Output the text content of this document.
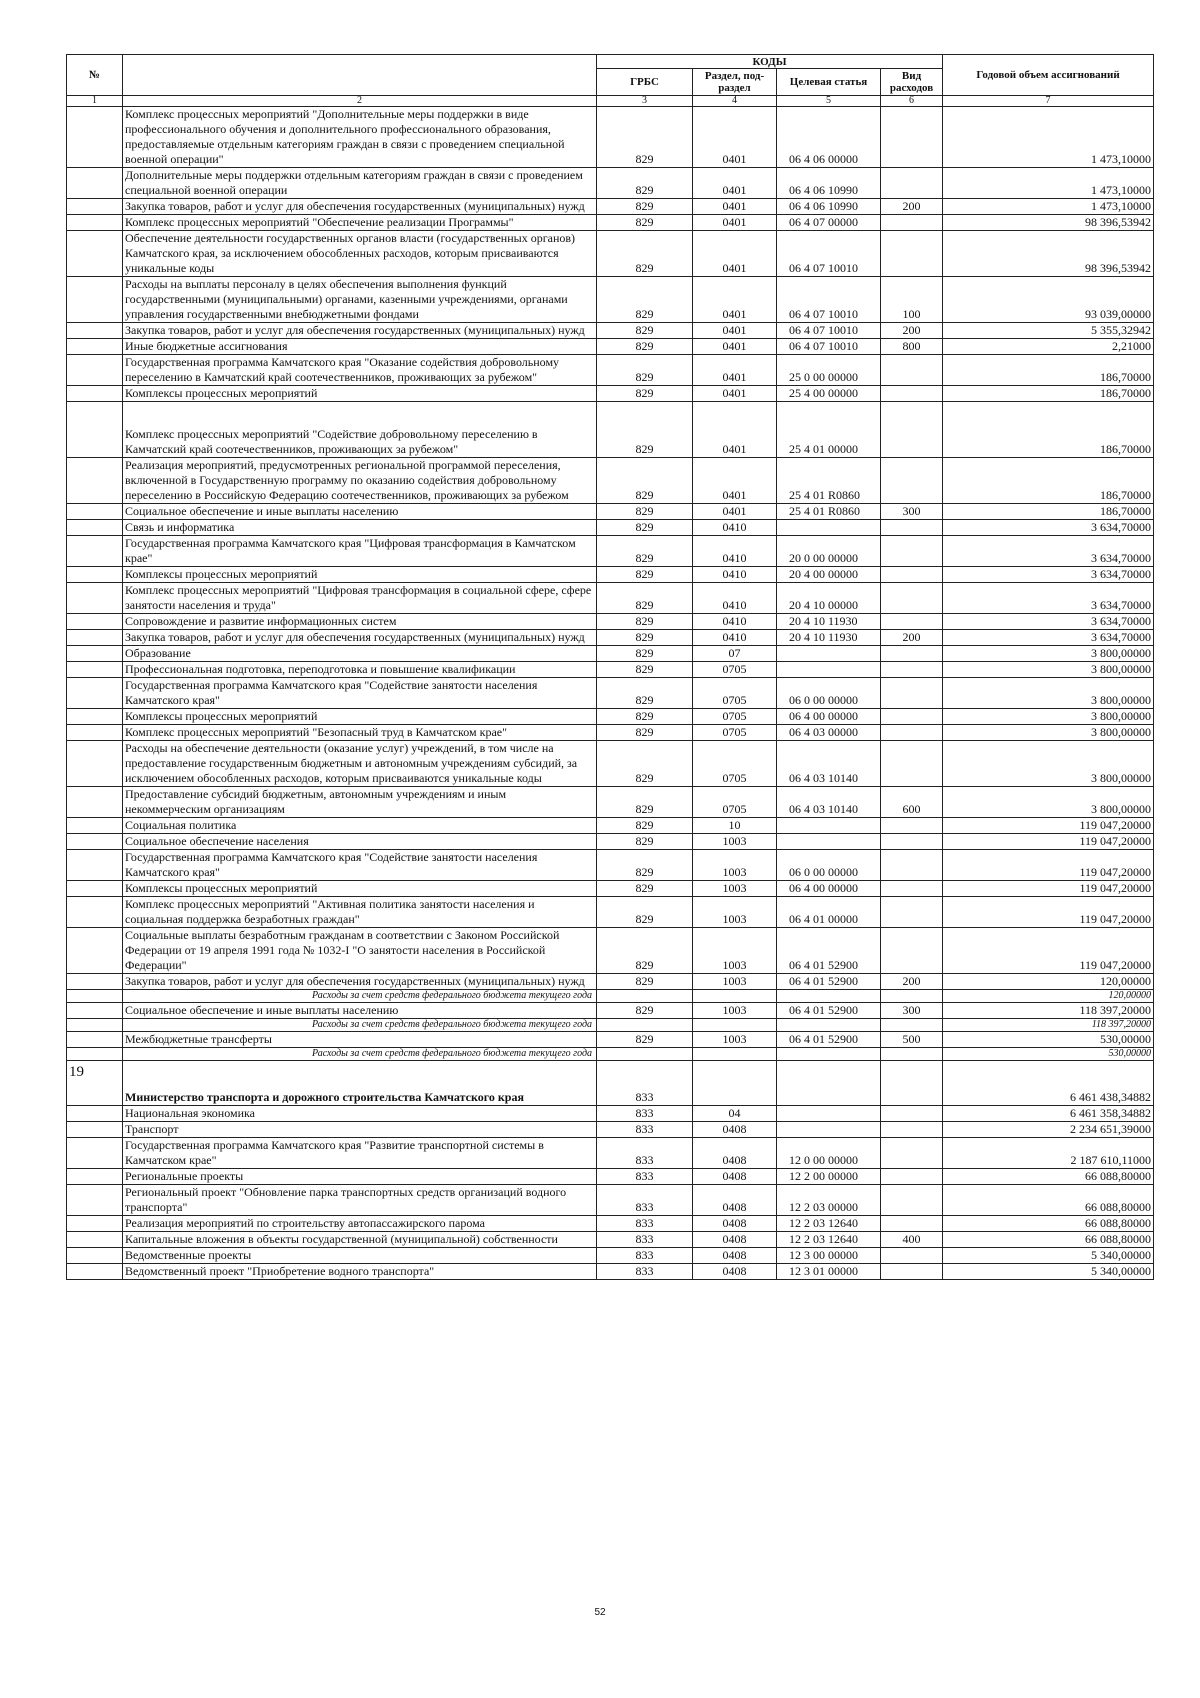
№		КОДЫ				Годовой объем ассигнований
		ГРБС	Раздел, под-раздел	Целевая статья	Вид расходов	
1	2	3	4	5	6	7
	Комплекс процессных мероприятий "Дополнительные меры поддержки в виде профессионального обучения и дополнительного профессионального образования, предоставляемые отдельным категориям граждан в связи с проведением специальной военной операции"	829	0401	06 4 06 00000		1 473,10000
	Дополнительные меры поддержки отдельным категориям граждан в связи с проведением специальной военной операции	829	0401	06 4 06 10990		1 473,10000
	Закупка товаров, работ и услуг для обеспечения государственных (муниципальных) нужд	829	0401	06 4 06 10990	200	1 473,10000
	Комплекс процессных мероприятий "Обеспечение реализации Программы"	829	0401	06 4 07 00000		98 396,53942
	Обеспечение деятельности государственных органов власти (государственных органов) Камчатского края, за исключением обособленных расходов, которым присваиваются уникальные коды	829	0401	06 4 07 10010		98 396,53942
	Расходы на выплаты персоналу в целях обеспечения выполнения функций государственными (муниципальными) органами, казенными учреждениями, органами управления государственными внебюджетными фондами	829	0401	06 4 07 10010	100	93 039,00000
	Закупка товаров, работ и услуг для обеспечения государственных (муниципальных) нужд	829	0401	06 4 07 10010	200	5 355,32942
	Иные бюджетные ассигнования	829	0401	06 4 07 10010	800	2,21000
	Государственная программа Камчатского края "Оказание содействия добровольному переселению в Камчатский край соотечественников, проживающих за рубежом"	829	0401	25 0 00 00000		186,70000
	Комплексы процессных мероприятий	829	0401	25 4 00 00000		186,70000
	Комплекс процессных мероприятий "Содействие добровольному переселению в Камчатский край соотечественников, проживающих за рубежом"	829	0401	25 4 01 00000		186,70000
	Реализация мероприятий, предусмотренных региональной программой переселения, включенной в Государственную программу по оказанию содействия добровольному переселению в Российскую Федерацию соотечественников, проживающих за рубежом	829	0401	25 4 01 R0860		186,70000
	Социальное обеспечение и иные выплаты населению	829	0401	25 4 01 R0860	300	186,70000
	Связь и информатика	829	0410			3 634,70000
	Государственная программа Камчатского края "Цифровая трансформация в Камчатском крае"	829	0410	20 0 00 00000		3 634,70000
	Комплексы процессных мероприятий	829	0410	20 4 00 00000		3 634,70000
	Комплекс процессных мероприятий "Цифровая трансформация в социальной сфере, сфере занятости населения и труда"	829	0410	20 4 10 00000		3 634,70000
	Сопровождение и развитие информационных систем	829	0410	20 4 10 11930		3 634,70000
	Закупка товаров, работ и услуг для обеспечения государственных (муниципальных) нужд	829	0410	20 4 10 11930	200	3 634,70000
	Образование	829	07			3 800,00000
	Профессиональная подготовка, переподготовка и повышение квалификации	829	0705			3 800,00000
	Государственная программа Камчатского края "Содействие занятости населения Камчатского края"	829	0705	06 0 00 00000		3 800,00000
	Комплексы процессных мероприятий	829	0705	06 4 00 00000		3 800,00000
	Комплекс процессных мероприятий "Безопасный труд в Камчатском крае"	829	0705	06 4 03 00000		3 800,00000
	Расходы на обеспечение деятельности (оказание услуг) учреждений, в том числе на предоставление государственным бюджетным и автономным учреждениям субсидий, за исключением обособленных расходов, которым присваиваются уникальные коды	829	0705	06 4 03 10140		3 800,00000
	Предоставление субсидий бюджетным, автономным учреждениям и иным некоммерческим организациям	829	0705	06 4 03 10140	600	3 800,00000
	Социальная политика	829	10			119 047,20000
	Социальное обеспечение населения	829	1003			119 047,20000
	Государственная программа Камчатского края "Содействие занятости населения Камчатского края"	829	1003	06 0 00 00000		119 047,20000
	Комплексы процессных мероприятий	829	1003	06 4 00 00000		119 047,20000
	Комплекс процессных мероприятий "Активная политика занятости населения и социальная поддержка безработных граждан"	829	1003	06 4 01 00000		119 047,20000
	Социальные выплаты безработным гражданам в соответствии с Законом Российской Федерации от 19 апреля 1991 года № 1032-I "О занятости населения в Российской Федерации"	829	1003	06 4 01 52900		119 047,20000
	Закупка товаров, работ и услуг для обеспечения государственных (муниципальных) нужд	829	1003	06 4 01 52900	200	120,00000
	Расходы за счет средств федерального бюджета текущего года					120,00000
	Социальное обеспечение и иные выплаты населению	829	1003	06 4 01 52900	300	118 397,20000
	Расходы за счет средств федерального бюджета текущего года					118 397,20000
	Межбюджетные трансферты	829	1003	06 4 01 52900	500	530,00000
	Расходы за счет средств федерального бюджета текущего года					530,00000
19	Министерство транспорта и дорожного строительства Камчатского края	833				6 461 438,34882
	Национальная экономика	833	04			6 461 358,34882
	Транспорт	833	0408			2 234 651,39000
	Государственная программа Камчатского края "Развитие транспортной системы в Камчатском крае"	833	0408	12 0 00 00000		2 187 610,11000
	Региональные проекты	833	0408	12 2 00 00000		66 088,80000
	Региональный проект "Обновление парка транспортных средств организаций водного транспорта"	833	0408	12 2 03 00000		66 088,80000
	Реализация мероприятий по строительству автопассажирского парома	833	0408	12 2 03 12640		66 088,80000
	Капитальные вложения в объекты государственной (муниципальной) собственности	833	0408	12 2 03 12640	400	66 088,80000
	Ведомственные проекты	833	0408	12 3 00 00000		5 340,00000
	Ведомственный проект "Приобретение водного транспорта"	833	0408	12 3 01 00000		5 340,00000
52
